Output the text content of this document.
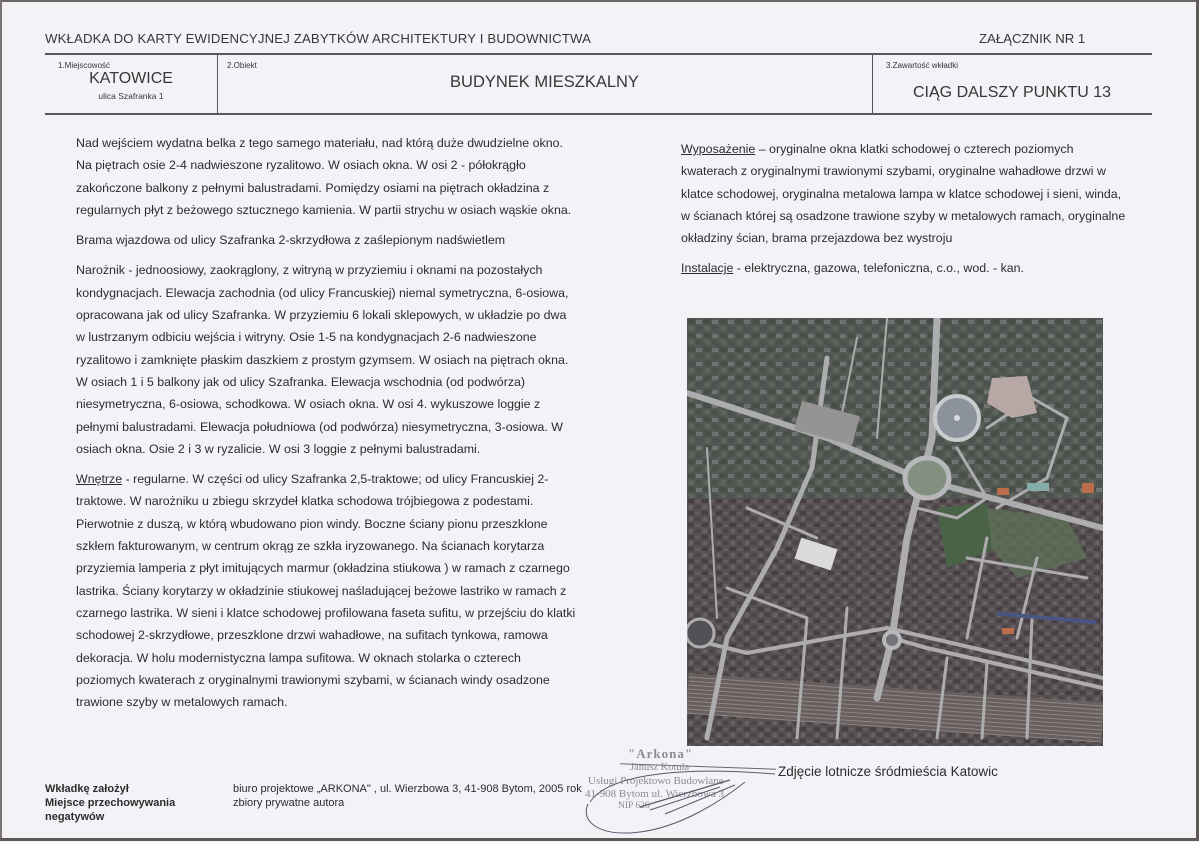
WKŁADKA DO KARTY EWIDENCYJNEJ ZABYTKÓW ARCHITEKTURY I BUDOWNICTWA	ZAŁĄCZNIK NR 1
1.Miejscowość
KATOWICE
ulica Szafranka 1
2.Obiekt
BUDYNEK MIESZKALNY
3.Zawartość wkładki
CIĄG DALSZY PUNKTU 13

Nad wejściem wydatna belka z tego samego materiału, nad którą duże dwudzielne okno. Na piętrach osie 2-4 nadwieszone ryzalitowo. W osiach okna. W osi 2 - półokrągło zakończone balkony z pełnymi balustradami. Pomiędzy osiami na piętrach okładzina z regularnych płyt z beżowego sztucznego kamienia. W partii strychu w osiach wąskie okna.

Brama wjazdowa od ulicy Szafranka 2-skrzydłowa z zaślepionym nadświetlem

Narożnik - jednoosiowy, zaokrąglony, z witryną w przyziemiu i oknami na pozostałych kondygnacjach. Elewacja zachodnia (od ulicy Francuskiej) niemal symetryczna, 6-osiowa, opracowana jak od ulicy Szafranka. W przyziemiu 6 lokali sklepowych, w układzie po dwa w lustrzanym odbiciu wejścia i witryny. Osie 1-5 na kondygnacjach 2-6 nadwieszone ryzalitowo i zamknięte płaskim daszkiem z prostym gzymsem. W osiach na piętrach okna. W osiach 1 i 5 balkony jak od ulicy Szafranka. Elewacja wschodnia (od podwórza) niesymetryczna, 6-osiowa, schodkowa. W osiach okna. W osi 4. wykuszowe loggie z pełnymi balustradami. Elewacja południowa (od podwórza) niesymetryczna, 3-osiowa. W osiach okna. Osie 2 i 3 w ryzalicie. W osi 3 loggie z pełnymi balustradami.

Wnętrze - regularne. W części od ulicy Szafranka 2,5-traktowe; od ulicy Francuskiej 2-traktowe. W narożniku u zbiegu skrzydeł klatka schodowa trójbiegowa z podestami. Pierwotnie z duszą, w którą wbudowano pion windy. Boczne ściany pionu przeszklone szkłem fakturowanym, w centrum okrąg ze szkła iryzowanego. Na ścianach korytarza przyziemia lamperia z płyt imitujących marmur (okładzina stiukowa ) w ramach z czarnego lastrika. Ściany korytarzy w okładzinie stiukowej naśladującej beżowe lastriko w ramach z czarnego lastrika. W sieni i klatce schodowej profilowana faseta sufitu, w przejściu do klatki schodowej 2-skrzydłowe, przeszklone drzwi wahadłowe, na sufitach tynkowa, ramowa dekoracja. W holu modernistyczna lampa sufitowa. W oknach stolarka o czterech poziomych kwaterach z oryginalnymi trawionymi szybami, w ścianach windy osadzone trawione szyby w metalowych ramach.

Wyposażenie – oryginalne okna klatki schodowej o czterech poziomych kwaterach z oryginalnymi trawionymi szybami, oryginalne wahadłowe drzwi w klatce schodowej, oryginalna metalowa lampa w klatce schodowej i sieni, winda, w ścianach której są osadzone trawione szyby w metalowych ramach, oryginalne okładziny ścian, brama przejazdowa bez wystroju

Instalacje - elektryczna, gazowa, telefoniczna, c.o., wod. - kan.

Zdjęcie lotnicze śródmieścia Katowic
"Arkona"
Janusz Kotula
Usługi Projektowo Budowlane
41-908 Bytom ul. Wierzbowa 3
NIP 626
Wkładkę założył	biuro projektowe „ARKONA" , ul. Wierzbowa 3, 41-908 Bytom, 2005 rok
Miejsce przechowywania negatywów
zbiory prywatne autora
